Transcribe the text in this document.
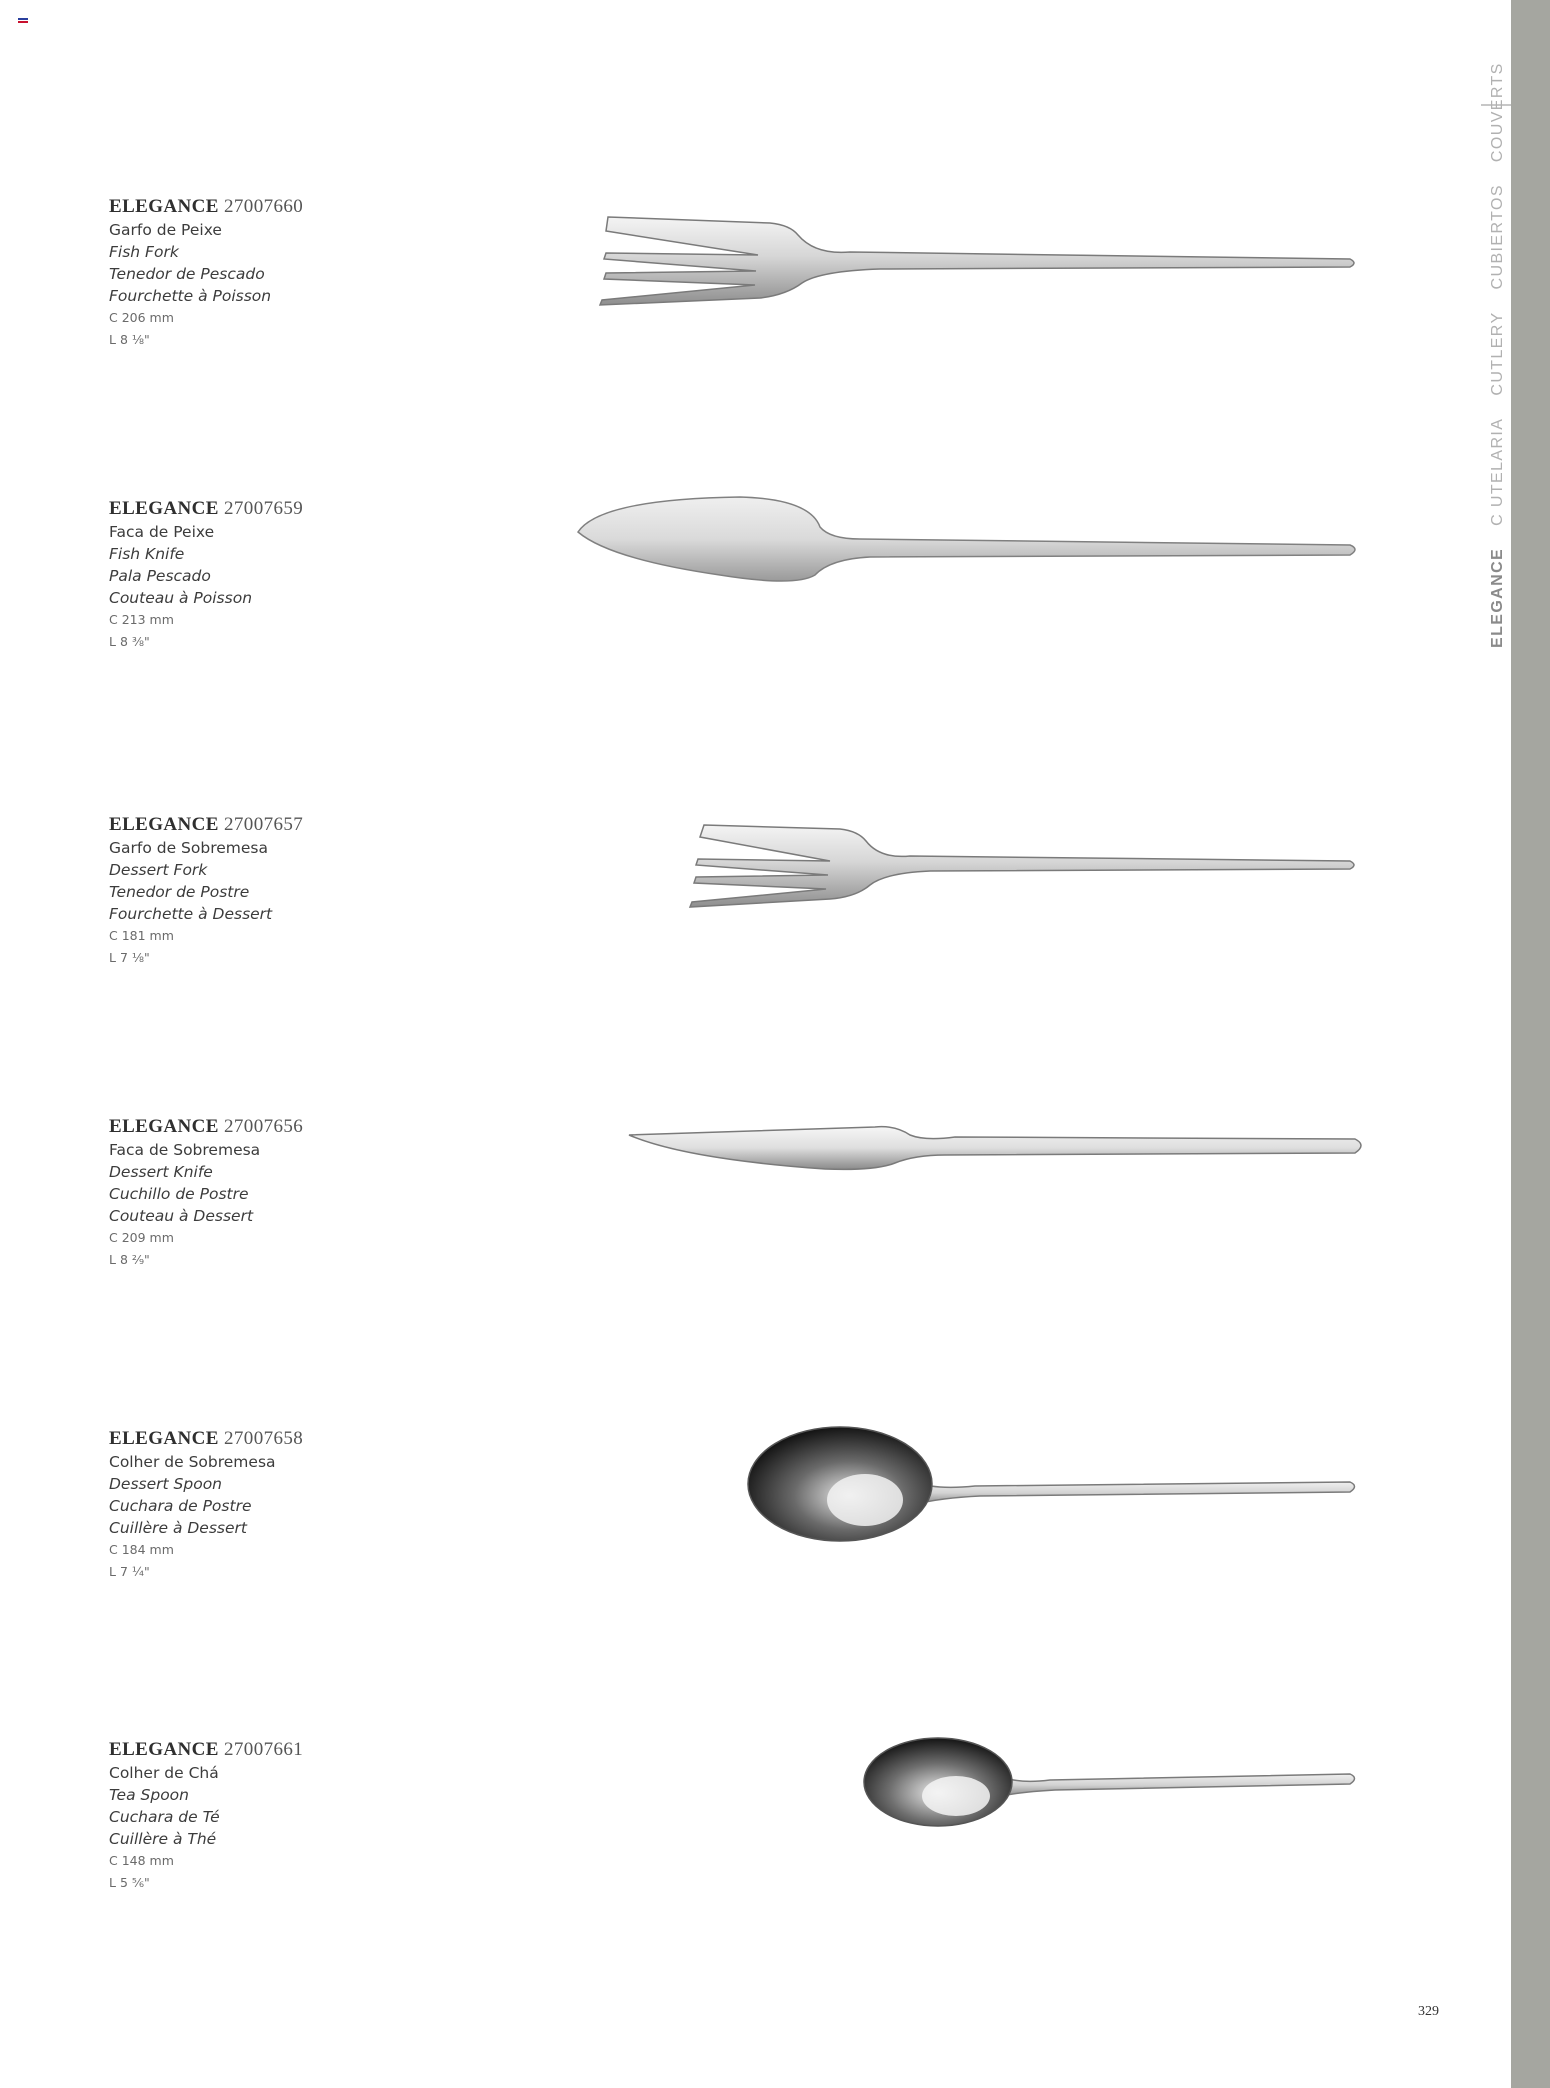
ELEGANCE
C UTELARIA
CUTLERY
CUBIERTOS
COUVERTS
ELEGANCE 27007660
Garfo de Peixe
Fish Fork
Tenedor de Pescado
Fourchette à Poisson
C 206 mm
L 8 ⅛"
ELEGANCE 27007659
Faca de Peixe
Fish Knife
Pala Pescado
Couteau à Poisson
C 213 mm
L 8 ⅜"
ELEGANCE 27007657
Garfo de Sobremesa
Dessert Fork
Tenedor de Postre
Fourchette à Dessert
C 181 mm
L 7 ⅛"
ELEGANCE 27007656
Faca de Sobremesa
Dessert Knife
Cuchillo de Postre
Couteau à Dessert
C 209 mm
L 8 ²⁄₉"
ELEGANCE 27007658
Colher de Sobremesa
Dessert Spoon
Cuchara de Postre
Cuillère à Dessert
C 184 mm
L 7 ¼"
ELEGANCE 27007661
Colher de Chá
Tea Spoon
Cuchara de Té
Cuillère à Thé
C 148 mm
L 5 ⅚"
329
